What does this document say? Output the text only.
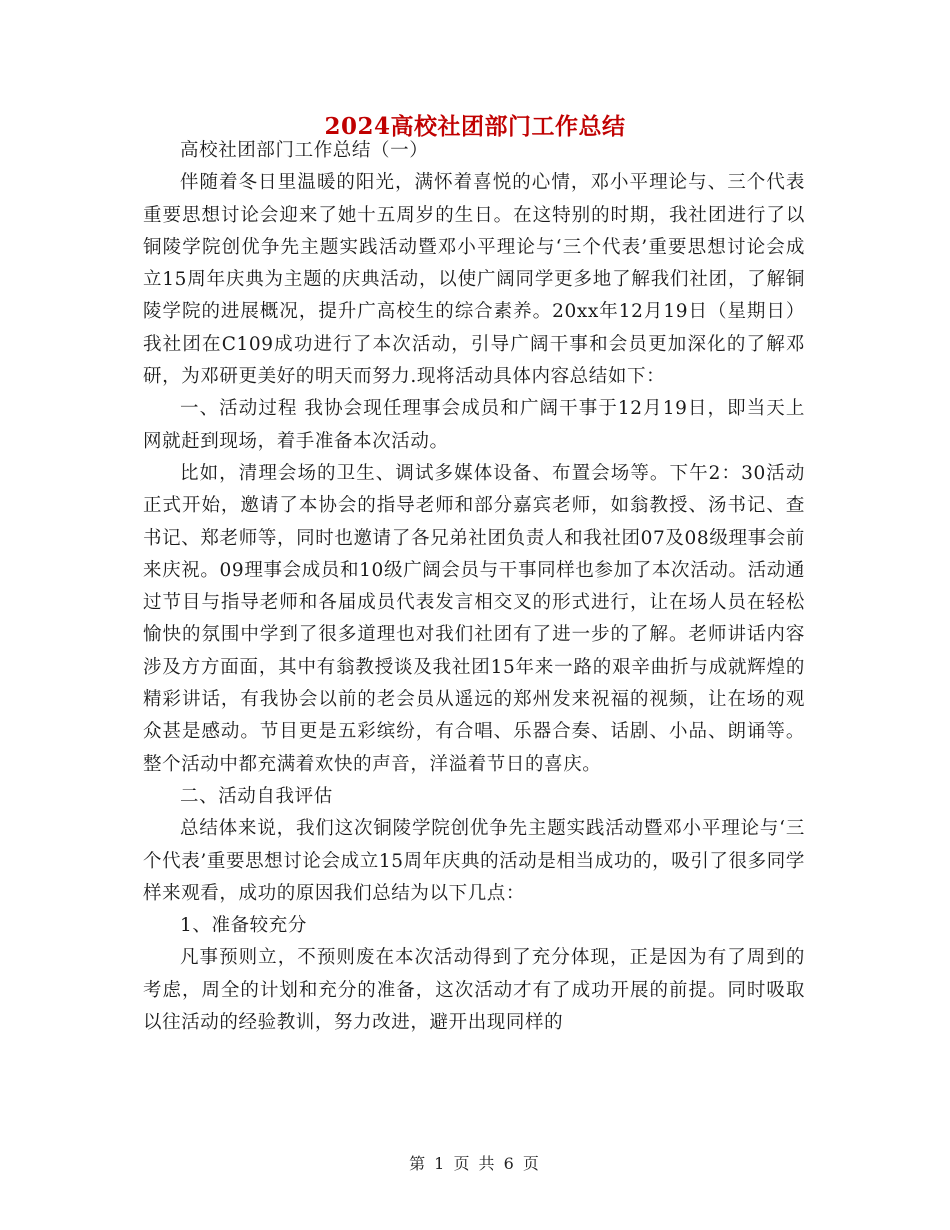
2024高校社团部门工作总结

高校社团部门工作总结（一）

伴随着冬日里温暖的阳光，满怀着喜悦的心情，邓小平理论与、三个代表重要思想讨论会迎来了她十五周岁的生日。在这特别的时期，我社团进行了以铜陵学院创优争先主题实践活动暨邓小平理论与‘三个代表’重要思想讨论会成立15周年庆典为主题的庆典活动，以使广阔同学更多地了解我们社团，了解铜陵学院的进展概况，提升广高校生的综合素养。20xx年12月19日（星期日）我社团在C109成功进行了本次活动，引导广阔干事和会员更加深化的了解邓研，为邓研更美好的明天而努力.现将活动具体内容总结如下：

一、活动过程 我协会现任理事会成员和广阔干事于12月19日，即当天上网就赶到现场，着手准备本次活动。

比如，清理会场的卫生、调试多媒体设备、布置会场等。下午2：30活动正式开始，邀请了本协会的指导老师和部分嘉宾老师，如翁教授、汤书记、查书记、郑老师等，同时也邀请了各兄弟社团负责人和我社团07及08级理事会前来庆祝。09理事会成员和10级广阔会员与干事同样也参加了本次活动。活动通过节目与指导老师和各届成员代表发言相交叉的形式进行，让在场人员在轻松愉快的氛围中学到了很多道理也对我们社团有了进一步的了解。老师讲话内容涉及方方面面，其中有翁教授谈及我社团15年来一路的艰辛曲折与成就辉煌的精彩讲话，有我协会以前的老会员从遥远的郑州发来祝福的视频，让在场的观众甚是感动。节目更是五彩缤纷，有合唱、乐器合奏、话剧、小品、朗诵等。整个活动中都充满着欢快的声音，洋溢着节日的喜庆。

二、活动自我评估

总结体来说，我们这次铜陵学院创优争先主题实践活动暨邓小平理论与‘三个代表’重要思想讨论会成立15周年庆典的活动是相当成功的，吸引了很多同学样来观看，成功的原因我们总结为以下几点：

1、准备较充分

凡事预则立，不预则废在本次活动得到了充分体现，正是因为有了周到的考虑，周全的计划和充分的准备，这次活动才有了成功开展的前提。同时吸取以往活动的经验教训，努力改进，避开出现同样的

第 1 页 共 6 页
